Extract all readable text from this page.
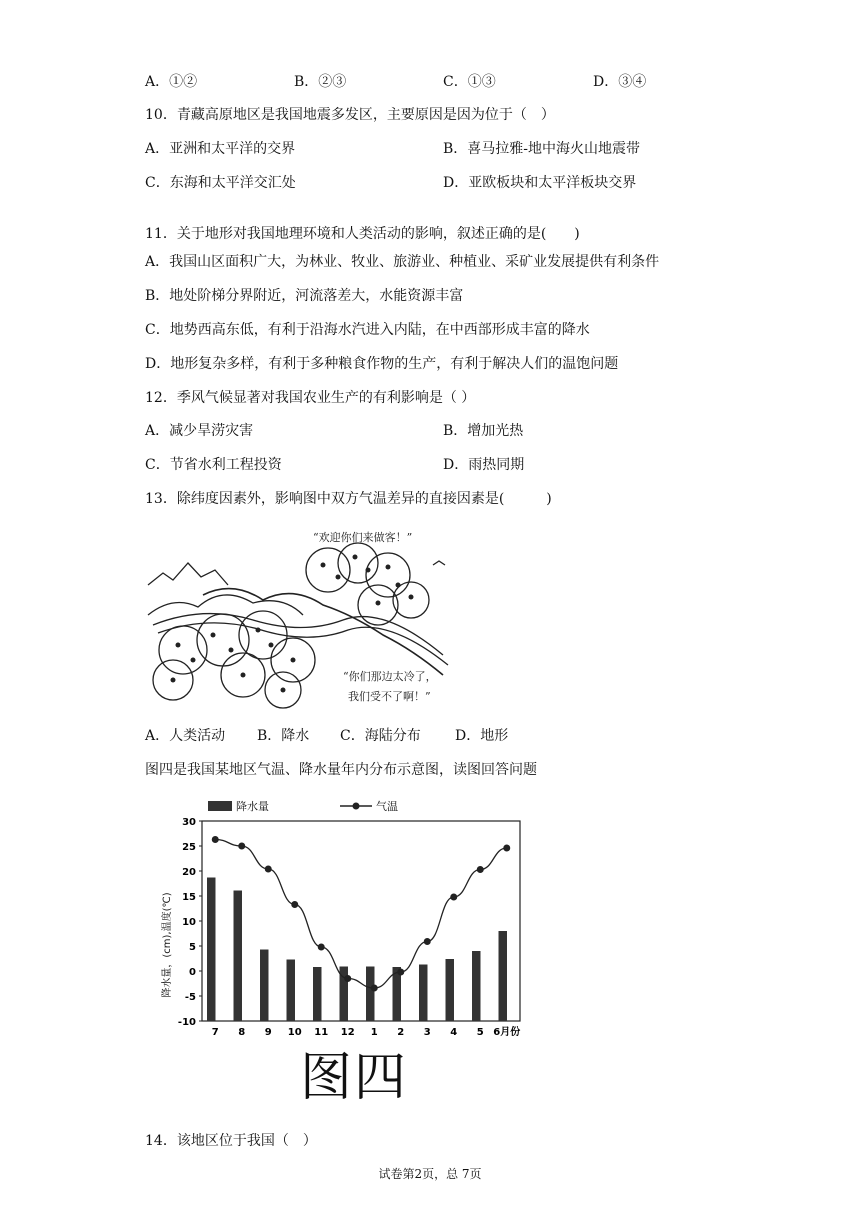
A．①②	B．②③	C．①③	D．③④
10．青藏高原地区是我国地震多发区，主要原因是因为位于（　）
A．亚洲和太平洋的交界	B．喜马拉雅-地中海火山地震带
C．东海和太平洋交汇处	D．亚欧板块和太平洋板块交界
11．关于地形对我国地理环境和人类活动的影响，叙述正确的是(　　)
A．我国山区面积广大，为林业、牧业、旅游业、种植业、采矿业发展提供有利条件
B．地处阶梯分界附近，河流落差大，水能资源丰富
C．地势西高东低，有利于沿海水汽进入内陆，在中西部形成丰富的降水
D．地形复杂多样，有利于多种粮食作物的生产，有利于解决人们的温饱问题
12．季风气候显著对我国农业生产的有利影响是（ ）
A．减少旱涝灾害	B．增加光热
C．节省水利工程投资	D．雨热同期
13．除纬度因素外，影响图中双方气温差异的直接因素是(　　　)
“欢迎你们来做客！”
“你们那边太冷了，
我们受不了啊！”
A．人类活动 B．降水 C．海陆分布 D．地形
图四是我国某地区气温、降水量年内分布示意图，读图回答问题
降水量	气温
30
25
20
15
10
5
0
-5
-10
7 8 9 10 11 12 1 2 3 4 5 6月份
降水量，(cm),温度(℃)
图四
14．该地区位于我国（　）
试卷第2页，总 7页
